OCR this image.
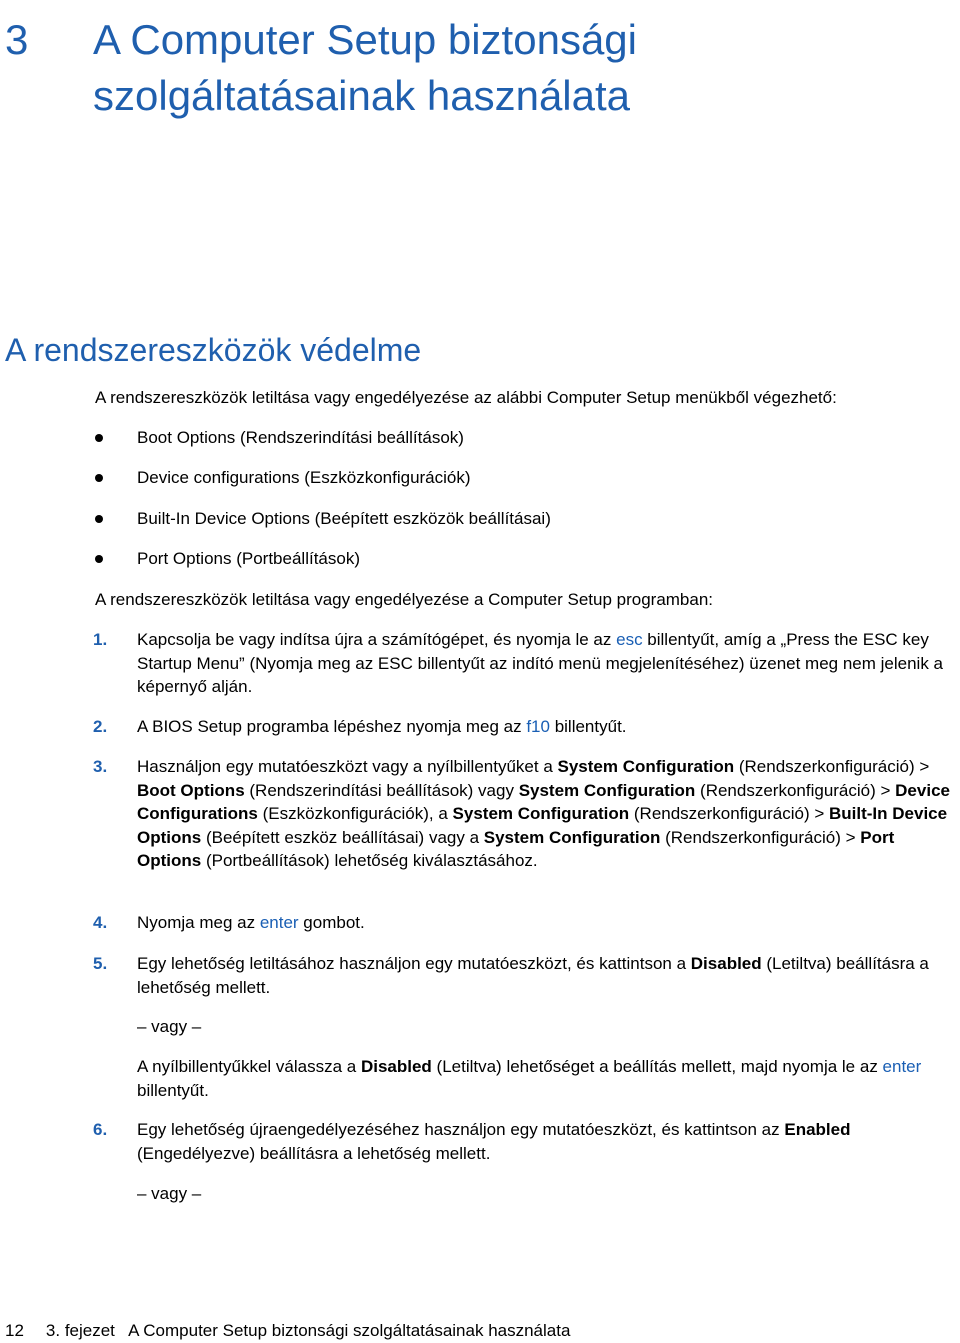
3 A Computer Setup biztonsági szolgáltatásainak használata
A rendszereszközök védelme
A rendszereszközök letiltása vagy engedélyezése az alábbi Computer Setup menükből végezhető:
Boot Options (Rendszerindítási beállítások)
Device configurations (Eszközkonfigurációk)
Built-In Device Options (Beépített eszközök beállításai)
Port Options (Portbeállítások)
A rendszereszközök letiltása vagy engedélyezése a Computer Setup programban:
1. Kapcsolja be vagy indítsa újra a számítógépet, és nyomja le az esc billentyűt, amíg a „Press the ESC key Startup Menu” (Nyomja meg az ESC billentyűt az indító menü megjelenítéséhez) üzenet meg nem jelenik a képernyő alján.
2. A BIOS Setup programba lépéshez nyomja meg az f10 billentyűt.
3. Használjon egy mutatóeszközt vagy a nyílbillentyűket a System Configuration (Rendszerkonfiguráció) > Boot Options (Rendszerindítási beállítások) vagy System Configuration (Rendszerkonfiguráció) > Device Configurations (Eszközkonfigurációk), a System Configuration (Rendszerkonfiguráció) > Built-In Device Options (Beépített eszköz beállításai) vagy a System Configuration (Rendszerkonfiguráció) > Port Options (Portbeállítások) lehetőség kiválasztásához.
4. Nyomja meg az enter gombot.
5. Egy lehetőség letiltásához használjon egy mutatóeszközt, és kattintson a Disabled (Letiltva) beállításra a lehetőség mellett.
– vagy –
A nyílbillentyűkkel válassza a Disabled (Letiltva) lehetőséget a beállítás mellett, majd nyomja le az enter billentyűt.
6. Egy lehetőség újraengedélyezéséhez használjon egy mutatóeszközt, és kattintson az Enabled (Engedélyezve) beállításra a lehetőség mellett.
– vagy –
12 3. fejezet   A Computer Setup biztonsági szolgáltatásainak használata
